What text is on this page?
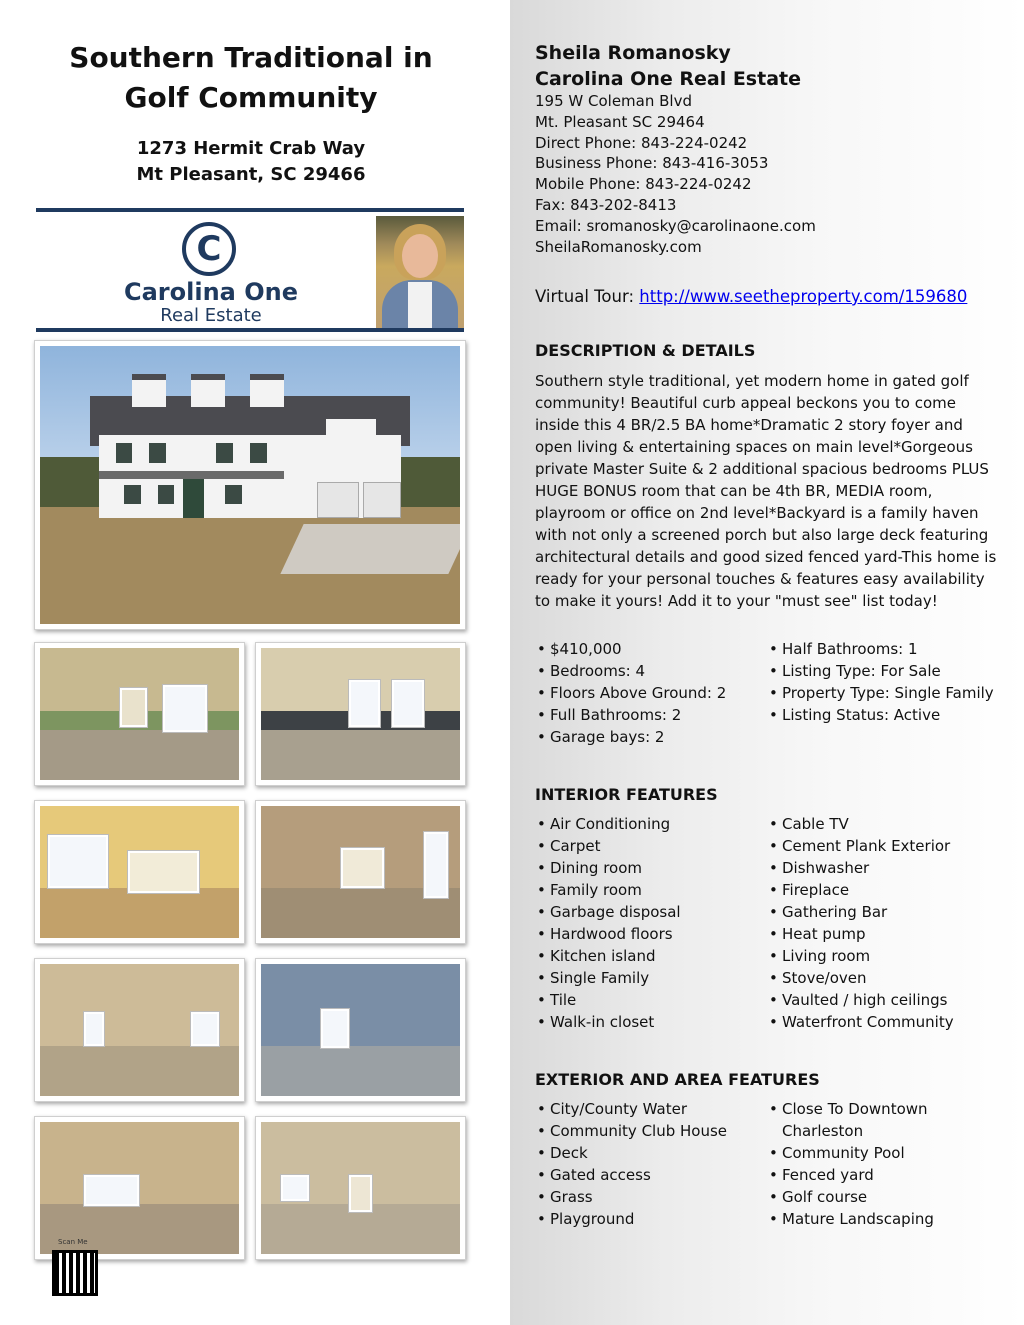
Southern Traditional in Golf Community
1273 Hermit Crab Way
Mt Pleasant, SC 29466
C
Carolina One
Real Estate
Scan Me
Sheila Romanosky
Carolina One Real Estate
195 W Coleman Blvd
Mt. Pleasant SC 29464
Direct Phone: 843-224-0242
Business Phone: 843-416-3053
Mobile Phone: 843-224-0242
Fax: 843-202-8413
Email: sromanosky@carolinaone.com
SheilaRomanosky.com
Virtual Tour: http://www.seetheproperty.com/159680
DESCRIPTION & DETAILS
Southern style traditional, yet modern home in gated golf community! Beautiful curb appeal beckons you to come inside this 4 BR/2.5 BA home*Dramatic 2 story foyer and open living & entertaining spaces on main level*Gorgeous private Master Suite & 2 additional spacious bedrooms PLUS HUGE BONUS room that can be 4th BR, MEDIA room, playroom or office on 2nd level*Backyard is a family haven with not only a screened porch but also large deck featuring architectural details and good sized fenced yard-This home is ready for your personal touches & features easy availability to make it yours! Add it to your "must see" list today!
• $410,000
• Bedrooms: 4
• Floors Above Ground: 2
• Full Bathrooms: 2
• Garage bays: 2
• Half Bathrooms: 1
• Listing Type: For Sale
• Property Type: Single Family
• Listing Status: Active
INTERIOR FEATURES
• Air Conditioning
• Carpet
• Dining room
• Family room
• Garbage disposal
• Hardwood floors
• Kitchen island
• Single Family
• Tile
• Walk-in closet
• Cable TV
• Cement Plank Exterior
• Dishwasher
• Fireplace
• Gathering Bar
• Heat pump
• Living room
• Stove/oven
• Vaulted / high ceilings
• Waterfront Community
EXTERIOR AND AREA FEATURES
• City/County Water
• Community Club House
• Deck
• Gated access
• Grass
• Playground
• Close To Downtown
Charleston
• Community Pool
• Fenced yard
• Golf course
• Mature Landscaping
